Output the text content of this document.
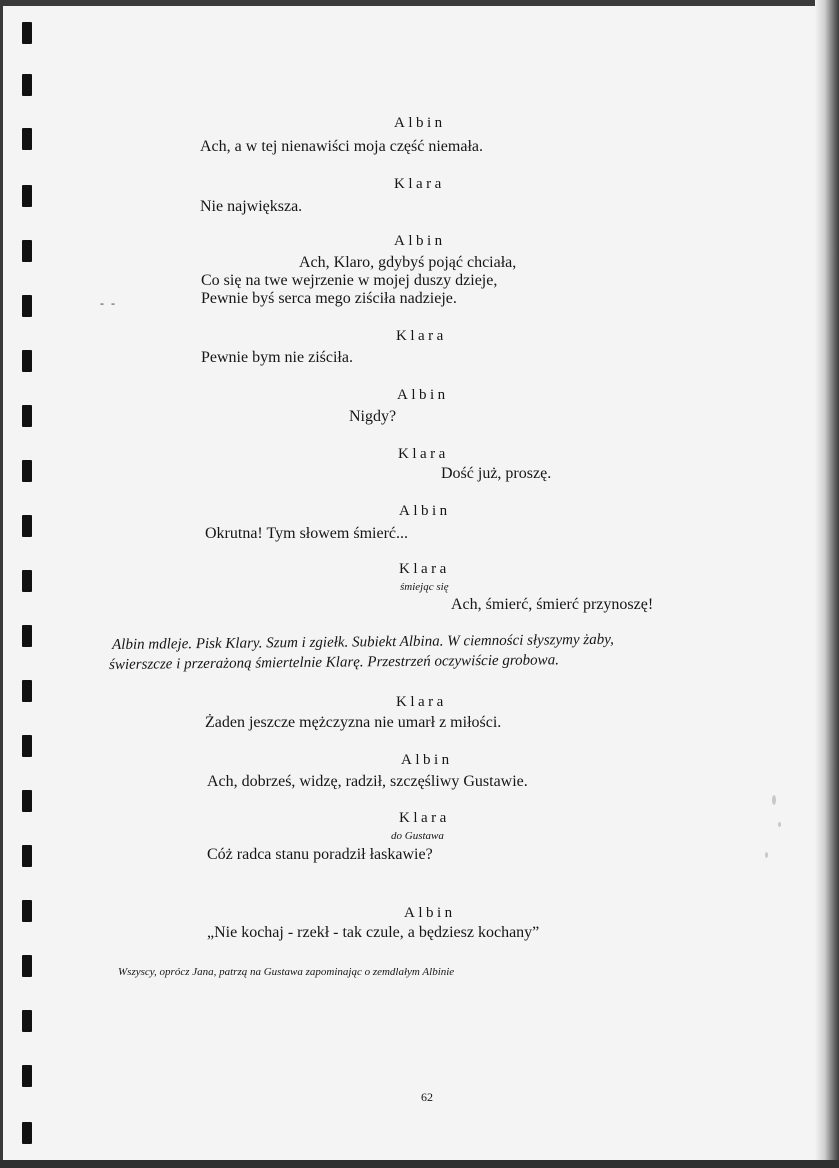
- -
Albin
Ach, a w tej nienawiści moja część niemała.
Klara
Nie największa.
Albin
Ach, Klaro, gdybyś pojąć chciała,
Co się na twe wejrzenie w mojej duszy dzieje,
Pewnie byś serca mego ziściła nadzieje.
Klara
Pewnie bym nie ziściła.
Albin
Nigdy?
Klara
Dość już, proszę.
Albin
Okrutna! Tym słowem śmierć...
Klara
śmiejąc się
Ach, śmierć, śmierć przynoszę!
Albin mdleje. Pisk Klary. Szum i zgiełk. Subiekt Albina. W ciemności słyszymy żaby,
świerszcze i przerażoną śmiertelnie Klarę. Przestrzeń oczywiście grobowa.
Klara
Żaden jeszcze mężczyzna nie umarł z miłości.
Albin
Ach, dobrześ, widzę, radził, szczęśliwy Gustawie.
Klara
do Gustawa
Cóż radca stanu poradził łaskawie?
Albin
„Nie kochaj - rzekł - tak czule, a będziesz kochany”
Wszyscy, oprócz Jana, patrzą na Gustawa zapominając o zemdlałym Albinie
62
